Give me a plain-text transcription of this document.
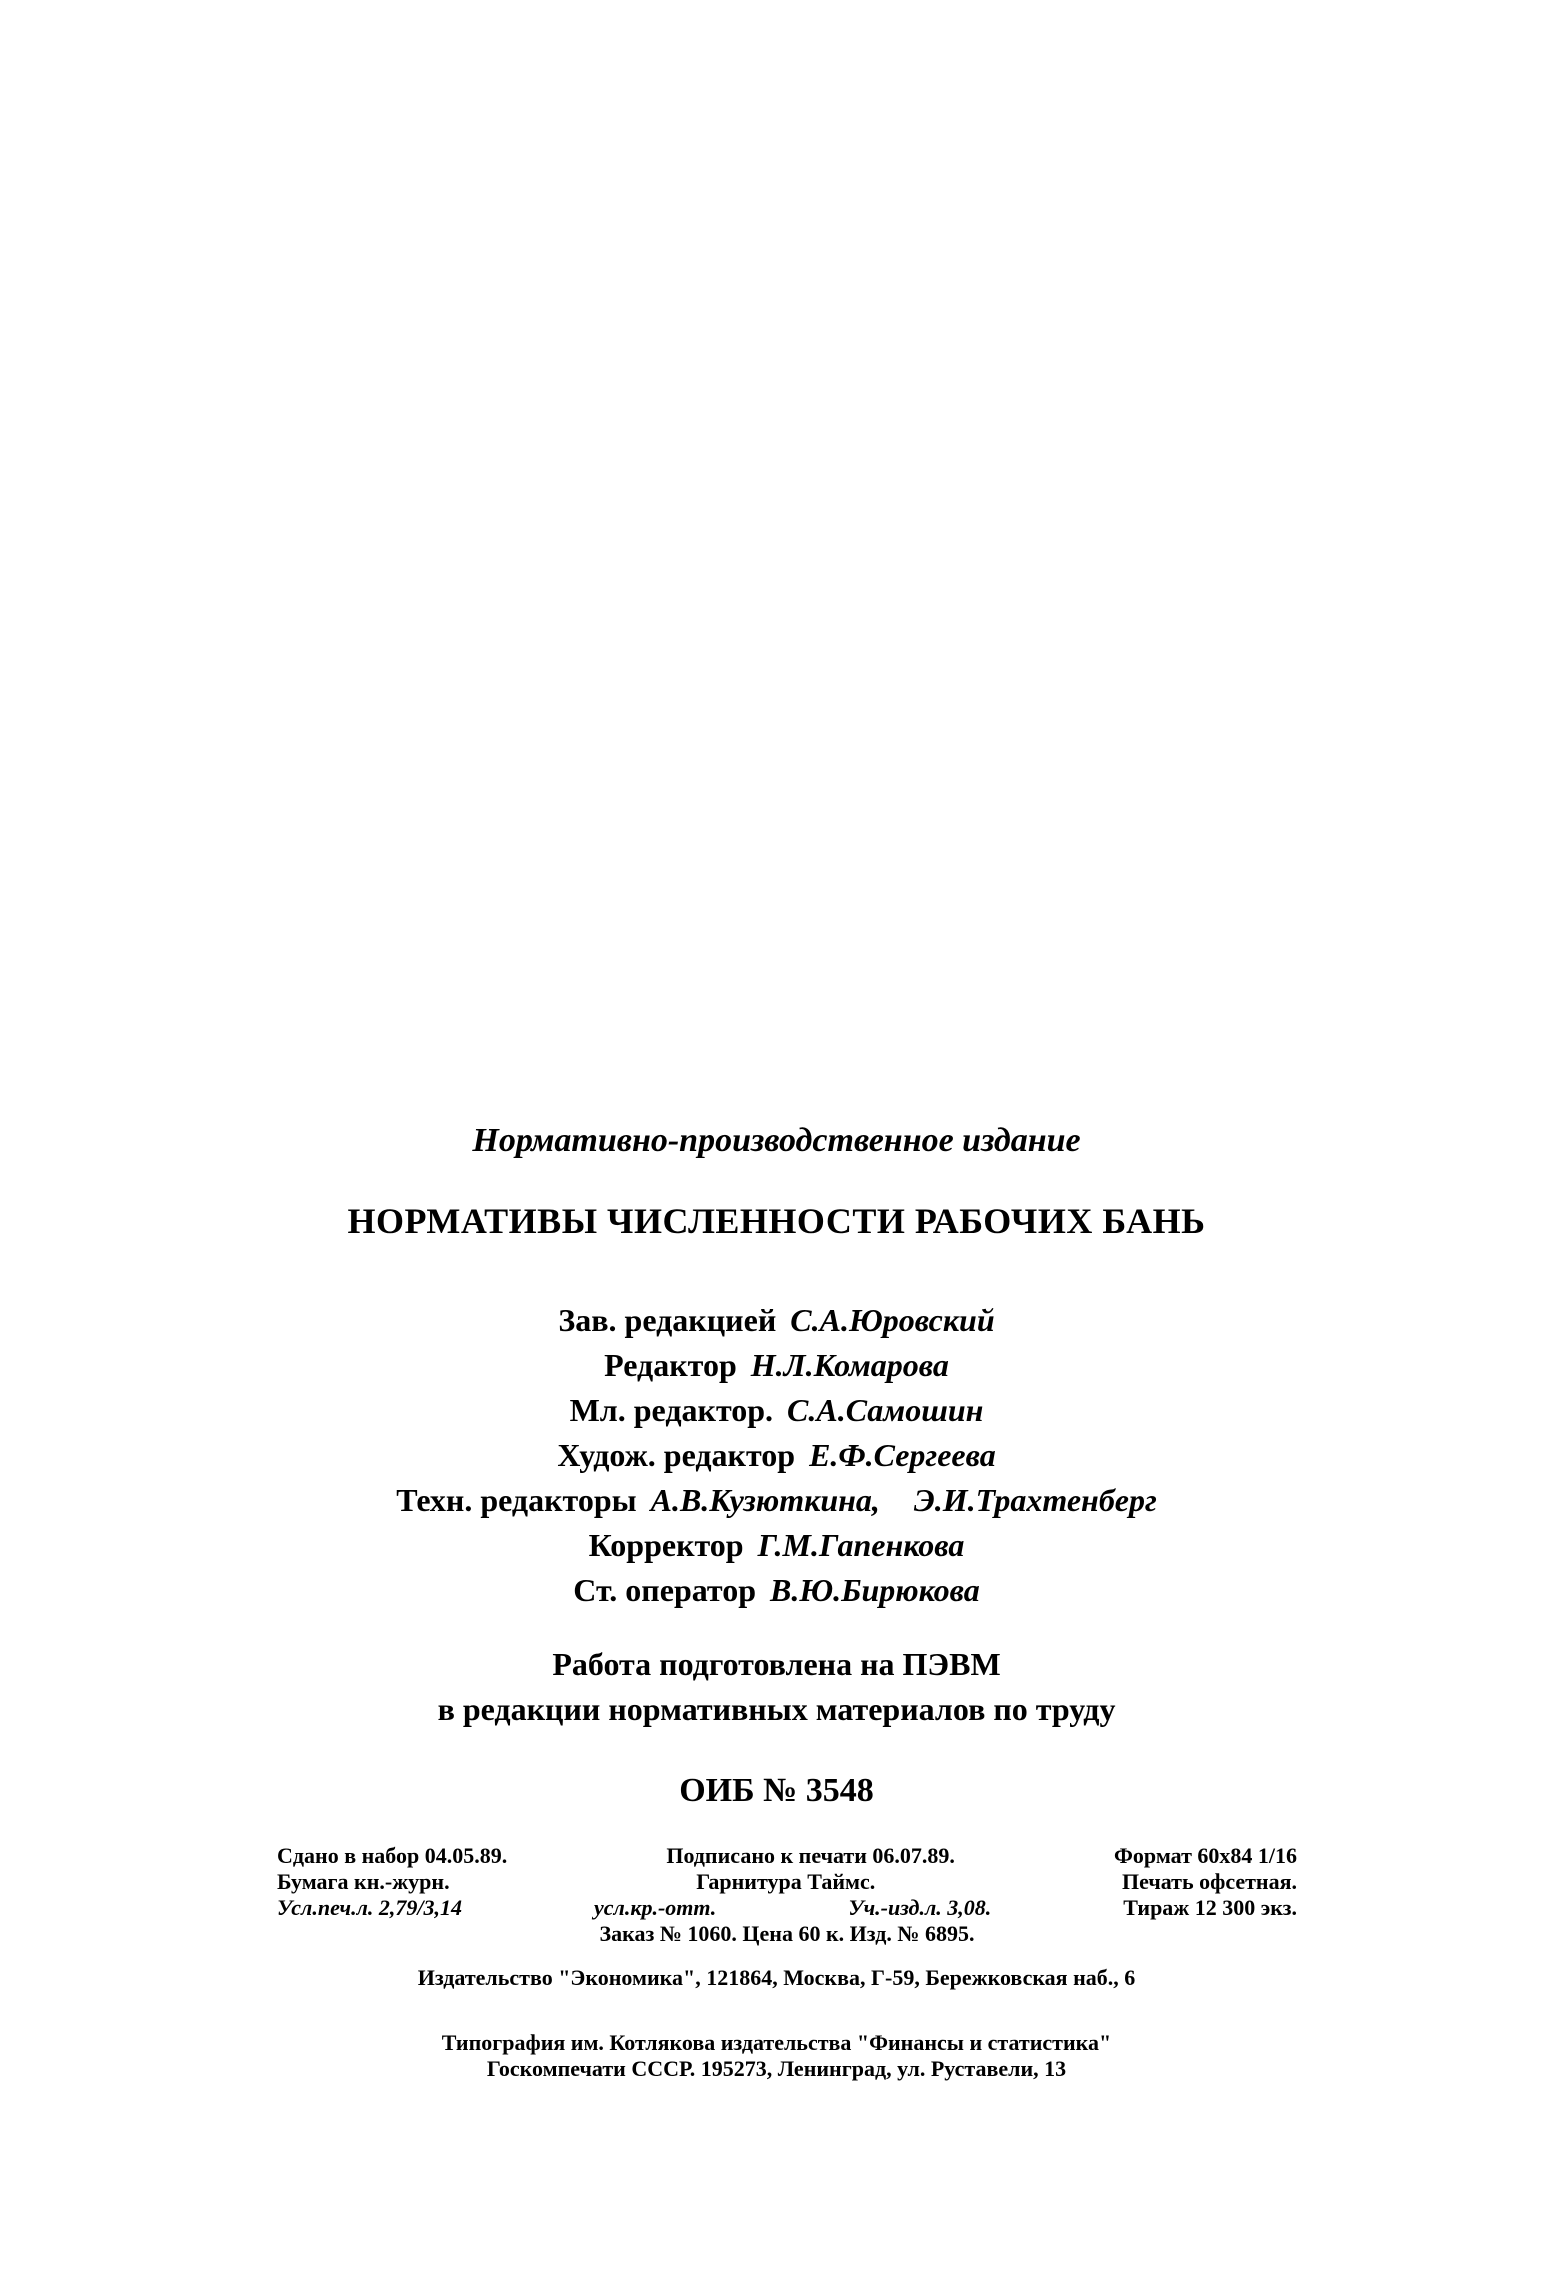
Нормативно-производственное издание
НОРМАТИВЫ ЧИСЛЕННОСТИ РАБОЧИХ БАНЬ
Зав. редакцией С.А.Юровский
Редактор Н.Л.Комарова
Мл. редактор. С.А.Самошин
Худож. редактор Е.Ф.Сергеева
Техн. редакторы А.В.Кузюткина, Э.И.Трахтенберг
Корректор Г.М.Гапенкова
Ст. оператор В.Ю.Бирюкова
Работа подготовлена на ПЭВМ
в редакции нормативных материалов по труду
ОИБ № 3548
Сдано в набор 04.05.89.	Подписано к печати 06.07.89.	Формат 60х84 1/16
Бумага кн.-журн.	Гарнитура Таймс.	Печать офсетная.
Усл.печ.л. 2,79/3,14	усл.кр.-отт.	Уч.-изд.л. 3,08.	Тираж 12 300 экз.
Заказ № 1060. Цена 60 к. Изд. № 6895.
Издательство "Экономика", 121864, Москва, Г-59, Бережковская наб., 6
Типография им. Котлякова издательства "Финансы и статистика"
Госкомпечати СССР. 195273, Ленинград, ул. Руставели, 13
